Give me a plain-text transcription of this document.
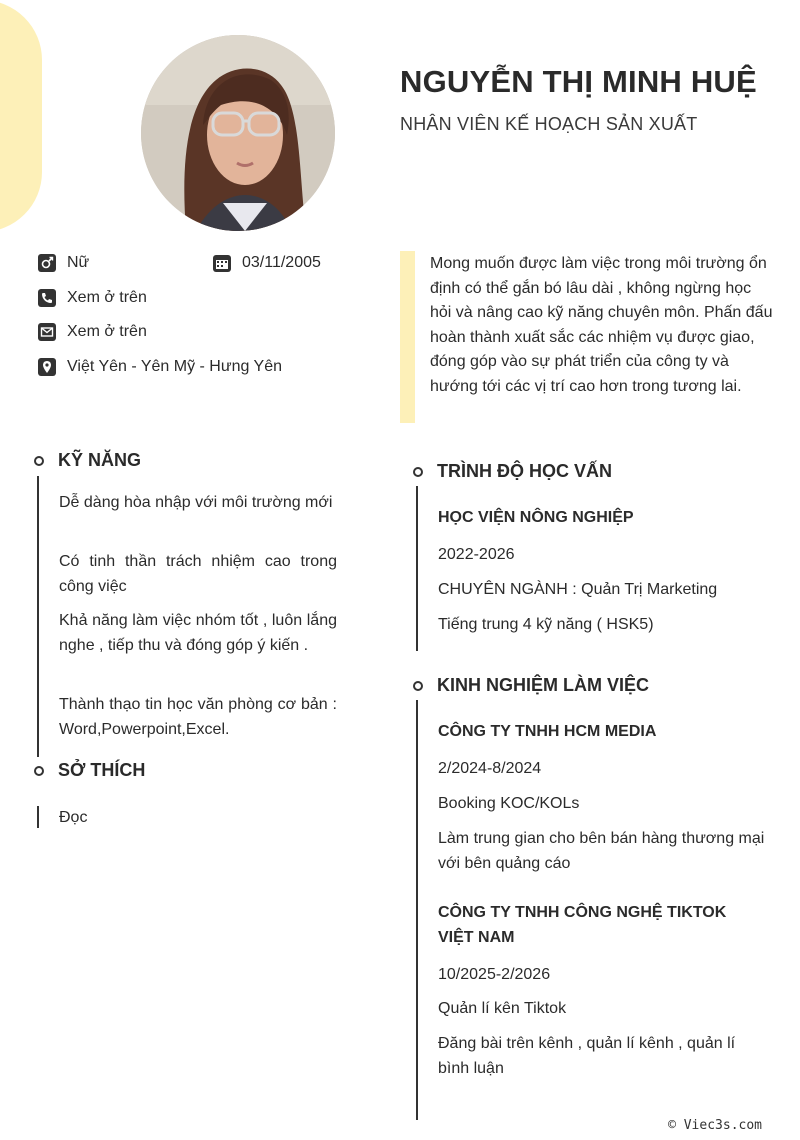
NGUYỄN THỊ MINH HUỆ

NHÂN VIÊN KẾ HOẠCH SẢN XUẤT

Nữ	03/11/2005
Xem ở trên
Xem ở trên
Việt Yên - Yên Mỹ - Hưng Yên

Mong muốn được làm việc trong môi trường ổn định có thể gắn bó lâu dài , không ngừng học hỏi và nâng cao kỹ năng chuyên môn. Phấn đấu hoàn thành xuất sắc các nhiệm vụ được giao, đóng góp vào sự phát triển của công ty và hướng tới các vị trí cao hơn trong tương lai.

KỸ NĂNG

Dễ dàng hòa nhập với môi trường mới

Có tinh thần trách nhiệm cao trong công việc

Khả năng làm việc nhóm tốt , luôn lắng nghe , tiếp thu và đóng góp ý kiến .

Thành thạo tin học văn phòng cơ bản : Word,Powerpoint,Excel.

SỞ THÍCH

Đọc

TRÌNH ĐỘ HỌC VẤN

HỌC VIỆN NÔNG NGHIỆP

2022-2026

CHUYÊN NGÀNH : Quản Trị Marketing

Tiếng trung 4 kỹ năng ( HSK5)

KINH NGHIỆM LÀM VIỆC

CÔNG TY TNHH HCM MEDIA

2/2024-8/2024

Booking KOC/KOLs

Làm trung gian cho bên bán hàng thương mại với bên quảng cáo

CÔNG TY TNHH CÔNG NGHỆ TIKTOK VIỆT NAM

10/2025-2/2026

Quản lí kên Tiktok

Đăng bài trên kênh , quản lí kênh , quản lí bình luận

© Viec3s.com
